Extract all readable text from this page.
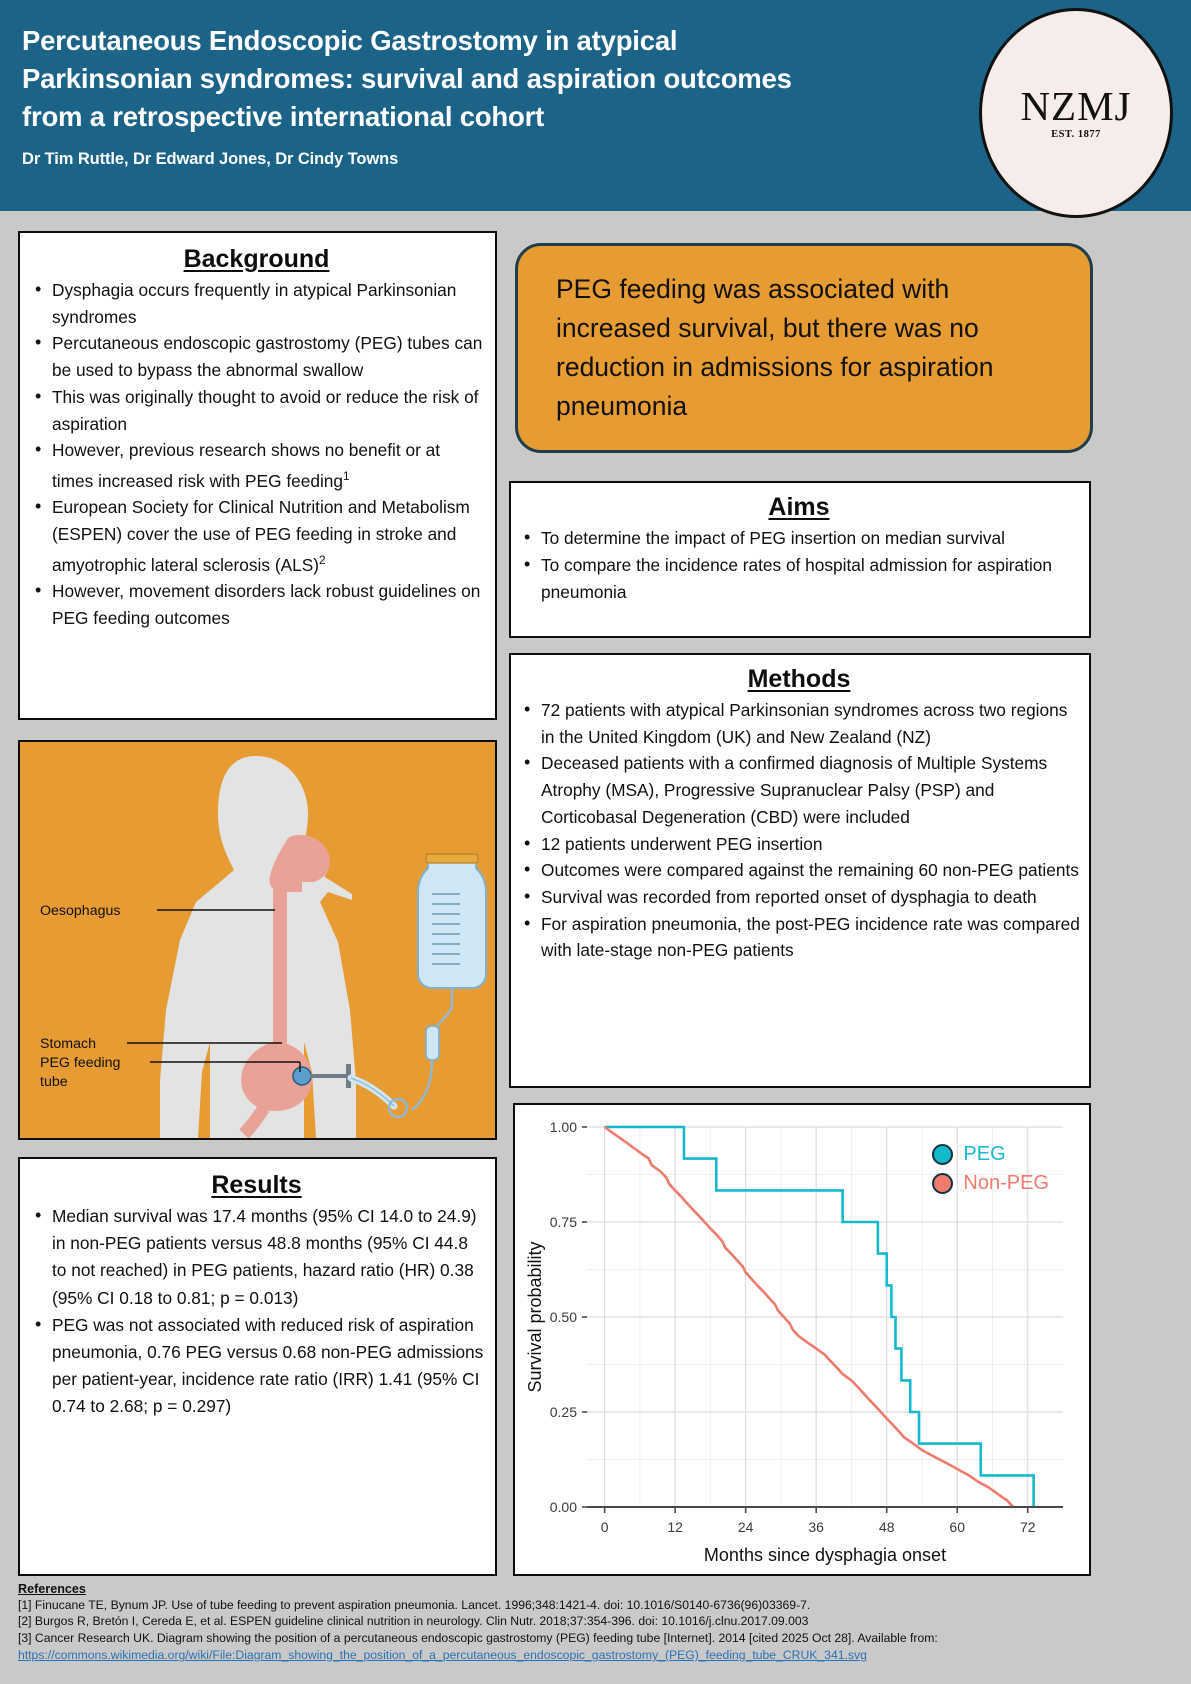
Percutaneous Endoscopic Gastrostomy in atypical Parkinsonian syndromes: survival and aspiration outcomes from a retrospective international cohort
Dr Tim Ruttle, Dr Edward Jones, Dr Cindy Towns
NZMJ
EST. 1877
Background
• Dysphagia occurs frequently in atypical Parkinsonian syndromes
• Percutaneous endoscopic gastrostomy (PEG) tubes can be used to bypass the abnormal swallow
• This was originally thought to avoid or reduce the risk of aspiration
• However, previous research shows no benefit or at times increased risk with PEG feeding$^1$
• European Society for Clinical Nutrition and Metabolism (ESPEN) cover the use of PEG feeding in stroke and amyotrophic lateral sclerosis (ALS)$^2$
• However, movement disorders lack robust guidelines on PEG feeding outcomes
PEG feeding was associated with increased survival, but there was no reduction in admissions for aspiration pneumonia
Aims
• To determine the impact of PEG insertion on median survival
• To compare the incidence rates of hospital admission for aspiration pneumonia
Methods
• 72 patients with atypical Parkinsonian syndromes across two regions in the United Kingdom (UK) and New Zealand (NZ)
• Deceased patients with a confirmed diagnosis of Multiple Systems Atrophy (MSA), Progressive Supranuclear Palsy (PSP) and Corticobasal Degeneration (CBD) were included
• 12 patients underwent PEG insertion
• Outcomes were compared against the remaining 60 non-PEG patients
• Survival was recorded from reported onset of dysphagia to death
• For aspiration pneumonia, the post-PEG incidence rate was compared with late-stage non-PEG patients
Oesophagus
Stomach
PEG feeding
tube
Results
• Median survival was 17.4 months (95% CI 14.0 to 24.9) in non-PEG patients versus 48.8 months (95% CI 44.8 to not reached) in PEG patients, hazard ratio (HR) 0.38 (95% CI 0.18 to 0.81; p = 0.013)
• PEG was not associated with reduced risk of aspiration pneumonia, 0.76 PEG versus 0.68 non-PEG admissions per patient-year, incidence rate ratio (IRR) 1.41 (95% CI 0.74 to 2.68; p = 0.297)
0.00
0.25
0.50
0.75
1.00
0	12	24	36	48	60	72
Months since dysphagia onset
Survival probability
PEG
Non-PEG
References
[1] Finucane TE, Bynum JP. Use of tube feeding to prevent aspiration pneumonia. Lancet. 1996;348:1421-4. doi: 10.1016/S0140-6736(96)03369-7.
[2] Burgos R, Bretón I, Cereda E, et al. ESPEN guideline clinical nutrition in neurology. Clin Nutr. 2018;37:354-396. doi: 10.1016/j.clnu.2017.09.003
[3] Cancer Research UK. Diagram showing the position of a percutaneous endoscopic gastrostomy (PEG) feeding tube [Internet]. 2014 [cited 2025 Oct 28]. Available from:
https://commons.wikimedia.org/wiki/File:Diagram_showing_the_position_of_a_percutaneous_endoscopic_gastrostomy_(PEG)_feeding_tube_CRUK_341.svg
